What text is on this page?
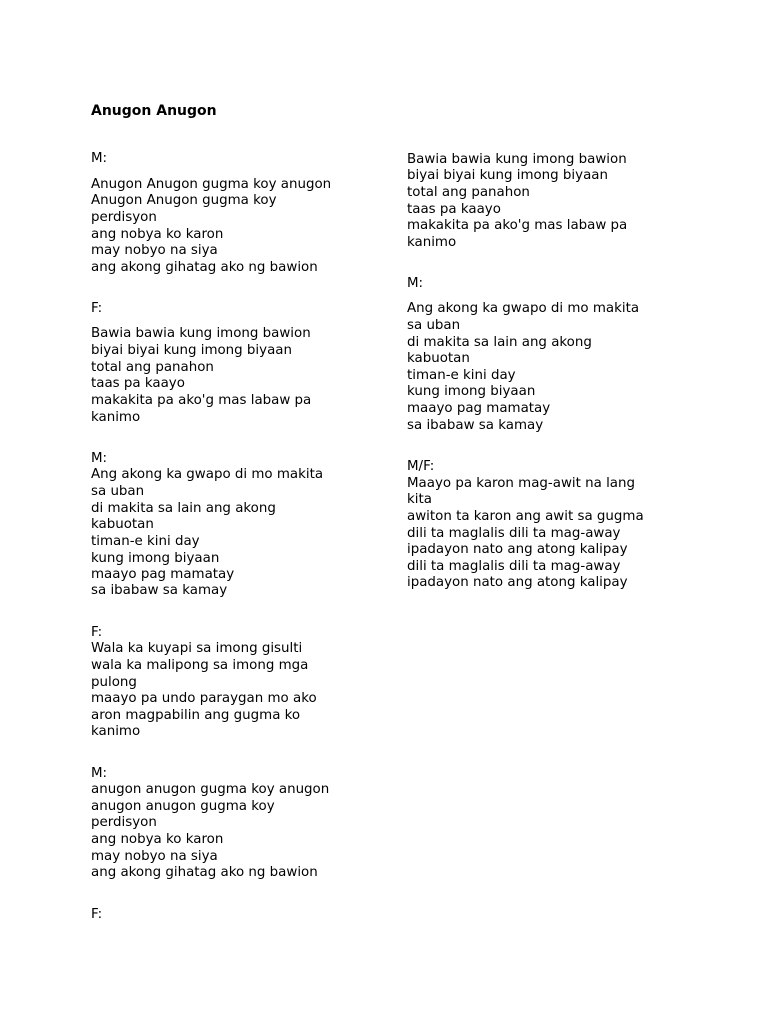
Anugon Anugon

M:

Anugon Anugon gugma koy anugon

Anugon Anugon gugma koy

perdisyon

ang nobya ko karon

may nobyo na siya

ang akong gihatag ako ng bawion

F:

Bawia bawia kung imong bawion

biyai biyai kung imong biyaan

total ang panahon

taas pa kaayo

makakita pa ako'g mas labaw pa

kanimo

M:

Ang akong ka gwapo di mo makita

sa uban

di makita sa lain ang akong

kabuotan

timan-e kini day

kung imong biyaan

maayo pag mamatay

sa ibabaw sa kamay

F:

Wala ka kuyapi sa imong gisulti

wala ka malipong sa imong mga

pulong

maayo pa undo paraygan mo ako

aron magpabilin ang gugma ko

kanimo

M:

anugon anugon gugma koy anugon

anugon anugon gugma koy

perdisyon

ang nobya ko karon

may nobyo na siya

ang akong gihatag ako ng bawion

F:

Bawia bawia kung imong bawion

biyai biyai kung imong biyaan

total ang panahon

taas pa kaayo

makakita pa ako'g mas labaw pa

kanimo

M:

Ang akong ka gwapo di mo makita

sa uban

di makita sa lain ang akong

kabuotan

timan-e kini day

kung imong biyaan

maayo pag mamatay

sa ibabaw sa kamay

M/F:

Maayo pa karon mag-awit na lang

kita

awiton ta karon ang awit sa gugma

dili ta maglalis dili ta mag-away

ipadayon nato ang atong kalipay

dili ta maglalis dili ta mag-away

ipadayon nato ang atong kalipay
